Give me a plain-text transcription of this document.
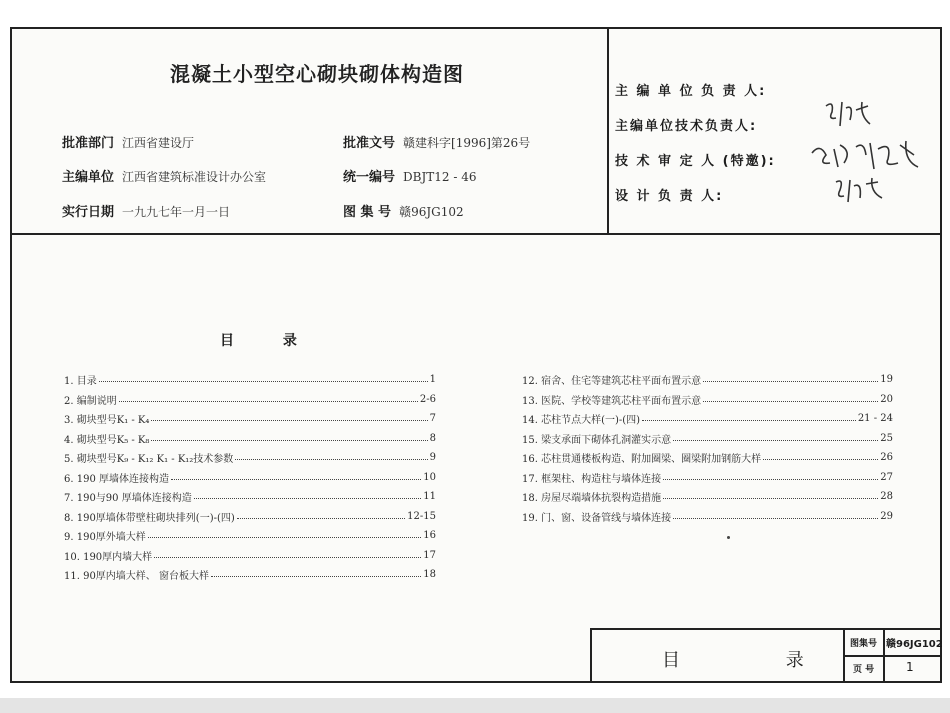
混凝土小型空心砌块砌体构造图
批准部门 江西省建设厅
主编单位 江西省建筑标准设计办公室
实行日期 一九九七年一月一日
批准文号 赣建科字[1996]第26号
统一编号 DBJT12 - 46
图 集 号 赣96JG102
主 编 单 位 负 责 人:
主编单位技术负责人:
技 术 审 定 人 (特邀):
设 计 负 责 人:
目 录
1. 目录	1
2. 编制说明	2-6
3. 砌块型号K₁ - K₄	7
4. 砌块型号K₅ - K₈	8
5. 砌块型号K₉ - K₁₂ K₁ - K₁₂技术参数	9
6. 190 厚墙体连接构造	10
7. 190与90 厚墙体连接构造	11
8. 190厚墙体带壁柱砌块排列(一)-(四)	12-15
9. 190厚外墙大样	16
10. 190厚内墙大样	17
11. 90厚内墙大样、 窗台板大样	18
12. 宿舍、住宅等建筑芯柱平面布置示意	19
13. 医院、学校等建筑芯柱平面布置示意	20
14. 芯柱节点大样(一)-(四)	21 - 24
15. 梁支承面下砌体孔洞灌实示意	25
16. 芯柱贯通楼板构造、附加圈梁、圈梁附加钢筋大样	26
17. 框架柱、构造柱与墙体连接	27
18. 房屋尽端墙体抗裂构造措施	28
19. 门、窗、设备管线与墙体连接	29
目 录
图集号 赣96JG102
页 号	1
